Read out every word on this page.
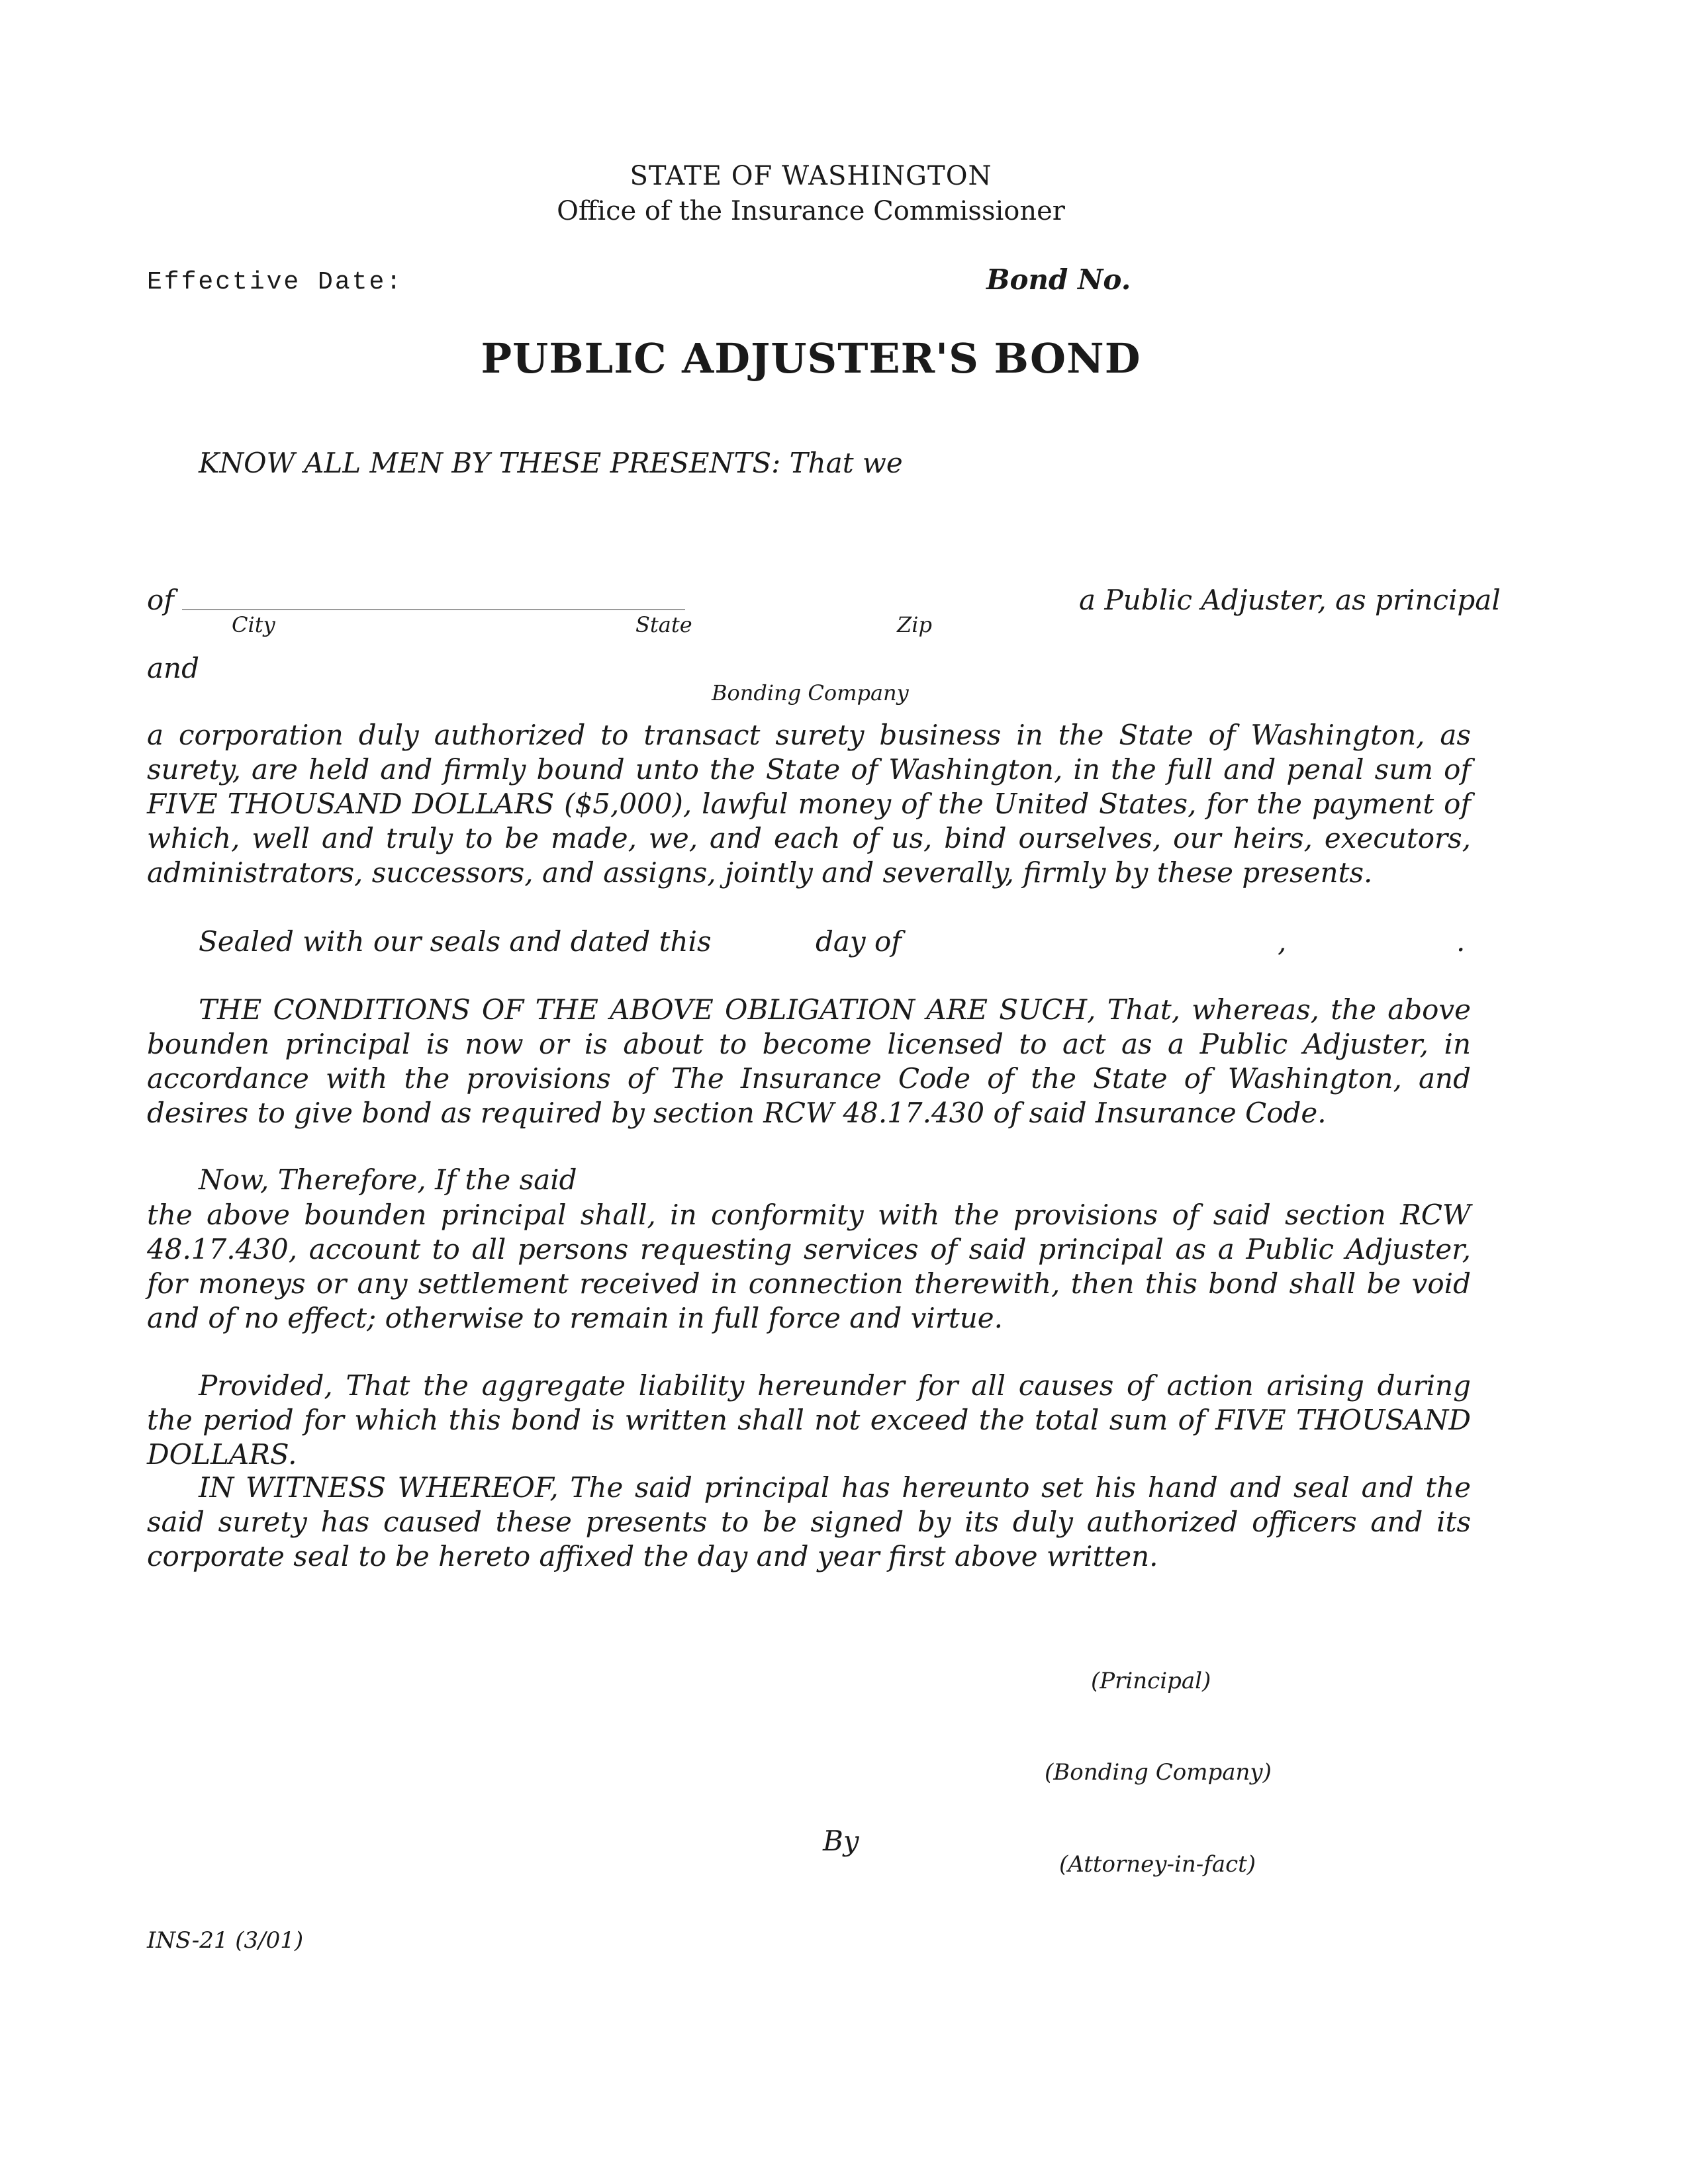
STATE OF WASHINGTON
Office of the Insurance Commissioner
Effective Date:	Bond No.
PUBLIC ADJUSTER'S BOND
KNOW ALL MEN BY THESE PRESENTS: That we
of
City	State	Zip
a Public Adjuster, as principal
and
Bonding Company
a corporation duly authorized to transact surety business in the State of Washington, as surety, are held and firmly bound unto the State of Washington, in the full and penal sum of FIVE THOUSAND DOLLARS ($5,000), lawful money of the United States, for the payment of which, well and truly to be made, we, and each of us, bind ourselves, our heirs, executors, administrators, successors, and assigns, jointly and severally, firmly by these presents.
Sealed with our seals and dated this	day of	,	.
THE CONDITIONS OF THE ABOVE OBLIGATION ARE SUCH, That, whereas, the above bounden principal is now or is about to become licensed to act as a Public Adjuster, in accordance with the provisions of The Insurance Code of the State of Washington, and desires to give bond as required by section RCW 48.17.430 of said Insurance Code.
Now, Therefore, If the said
the above bounden principal shall, in conformity with the provisions of said section RCW 48.17.430, account to all persons requesting services of said principal as a Public Adjuster, for moneys or any settlement received in connection therewith, then this bond shall be void and of no effect; otherwise to remain in full force and virtue.
Provided, That the aggregate liability hereunder for all causes of action arising during the period for which this bond is written shall not exceed the total sum of FIVE THOUSAND DOLLARS.
IN WITNESS WHEREOF, The said principal has hereunto set his hand and seal and the said surety has caused these presents to be signed by its duly authorized officers and its corporate seal to be hereto affixed the day and year first above written.
(Principal)
(Bonding Company)
By
(Attorney-in-fact)
INS-21 (3/01)
